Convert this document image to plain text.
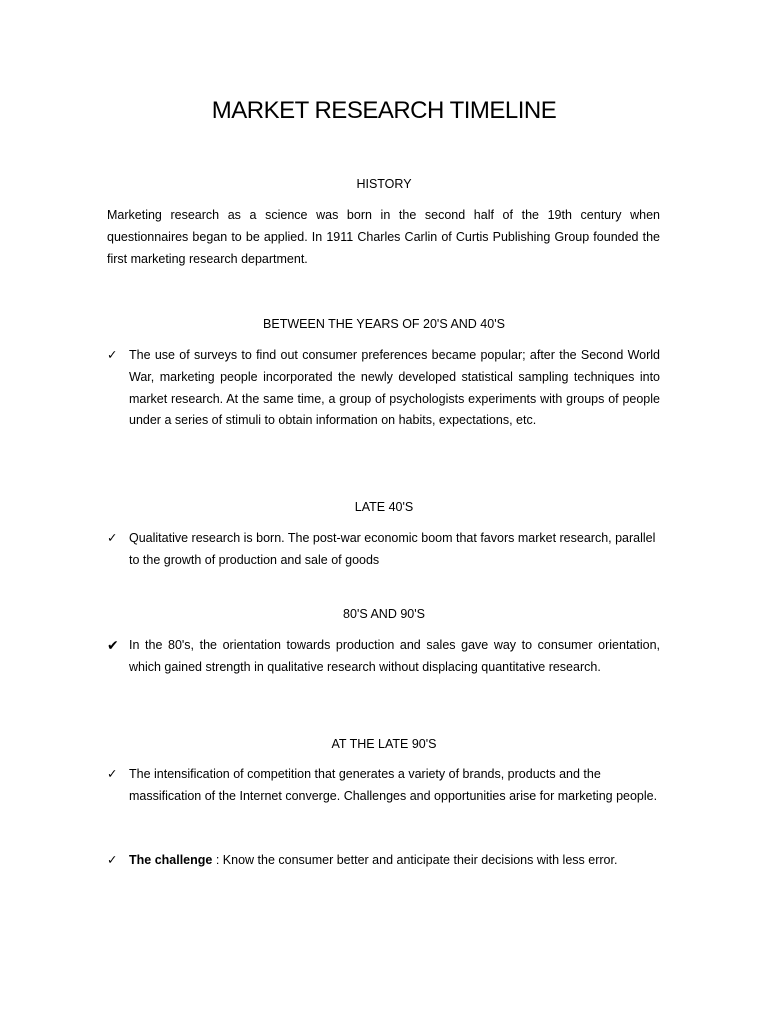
MARKET RESEARCH TIMELINE
HISTORY
Marketing research as a science was born in the second half of the 19th century when questionnaires began to be applied. In 1911 Charles Carlin of Curtis Publishing Group founded the first marketing research department.
BETWEEN THE YEARS OF 20'S AND 40'S
✓ The use of surveys to find out consumer preferences became popular; after the Second World War, marketing people incorporated the newly developed statistical sampling techniques into market research. At the same time, a group of psychologists experiments with groups of people under a series of stimuli to obtain information on habits, expectations, etc.
LATE 40'S
✓ Qualitative research is born. The post-war economic boom that favors market research, parallel to the growth of production and sale of goods
80'S AND 90'S
✔ In the 80's, the orientation towards production and sales gave way to consumer orientation, which gained strength in qualitative research without displacing quantitative research.
AT THE LATE 90'S
✓ The intensification of competition that generates a variety of brands, products and the massification of the Internet converge. Challenges and opportunities arise for marketing people.
✓ The challenge : Know the consumer better and anticipate their decisions with less error.
